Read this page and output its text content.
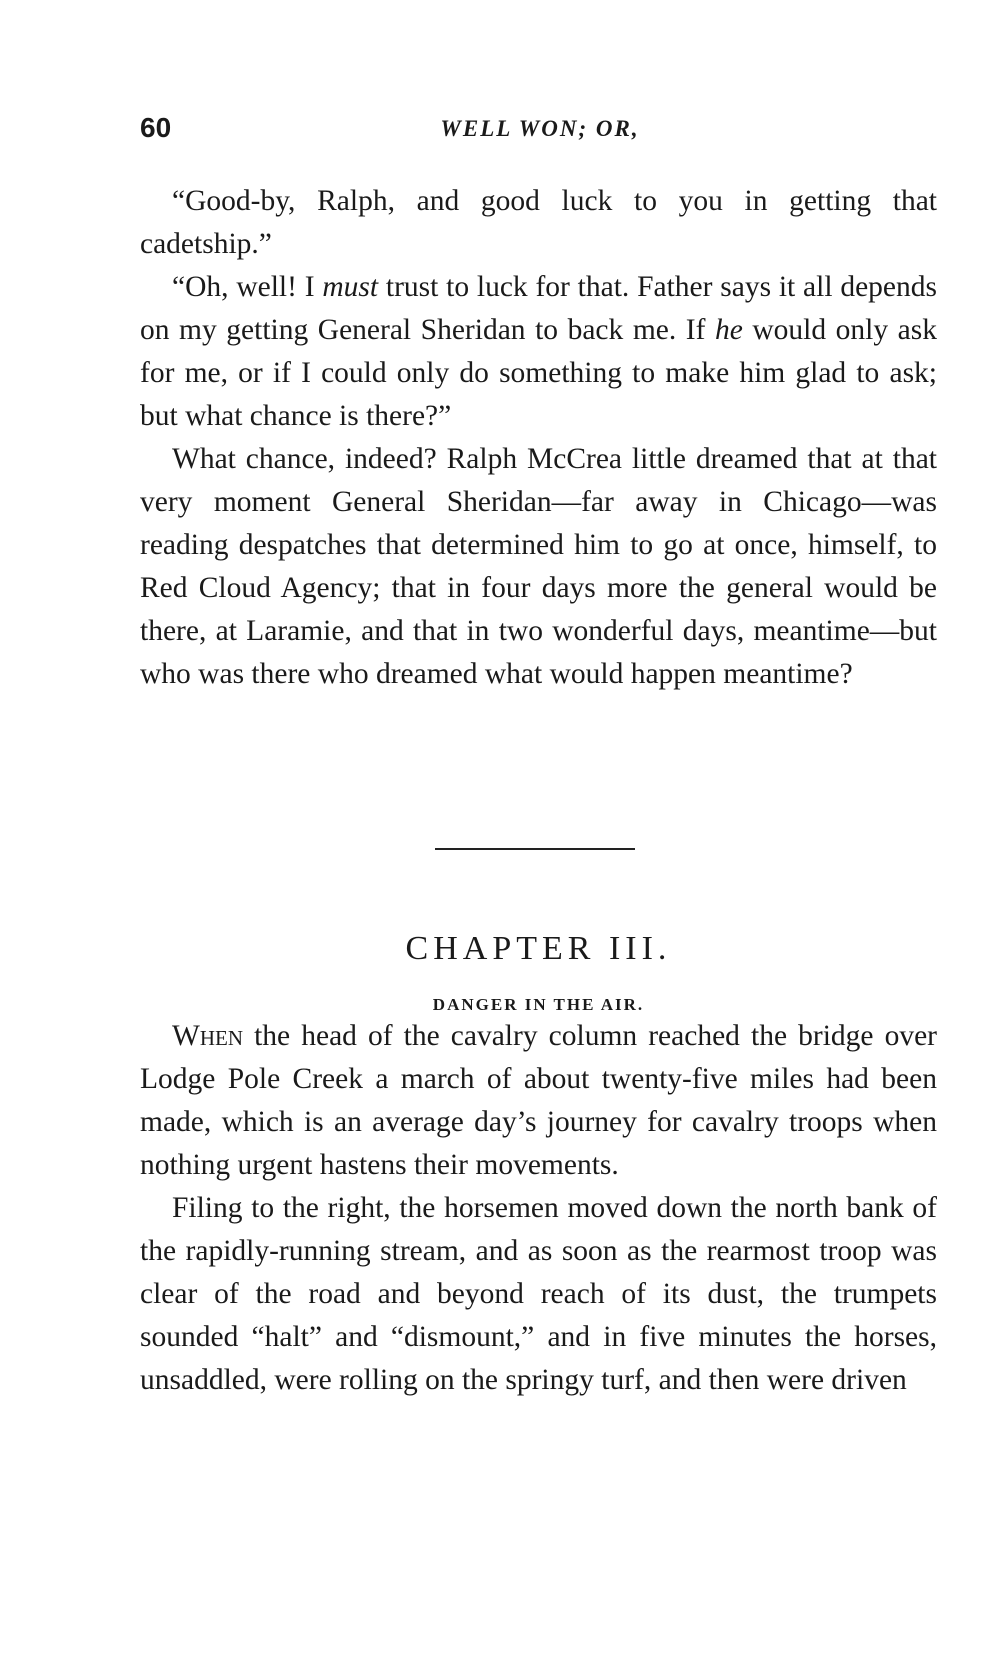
60	WELL WON; OR,

“Good-by, Ralph, and good luck to you in getting that cadetship.”

“Oh, well! I must trust to luck for that. Father says it all depends on my getting General Sheridan to back me. If he would only ask for me, or if I could only do something to make him glad to ask; but what chance is there?”

What chance, indeed? Ralph McCrea little dreamed that at that very moment General Sheridan—far away in Chicago—was reading despatches that determined him to go at once, himself, to Red Cloud Agency; that in four days more the general would be there, at Laramie, and that in two wonderful days, meantime—but who was there who dreamed what would happen meantime?

CHAPTER III.
DANGER IN THE AIR.

When the head of the cavalry column reached the bridge over Lodge Pole Creek a march of about twenty-five miles had been made, which is an average day’s journey for cavalry troops when nothing urgent hastens their movements.

Filing to the right, the horsemen moved down the north bank of the rapidly-running stream, and as soon as the rearmost troop was clear of the road and beyond reach of its dust, the trumpets sounded “halt” and “dismount,” and in five minutes the horses, unsaddled, were rolling on the springy turf, and then were driven
